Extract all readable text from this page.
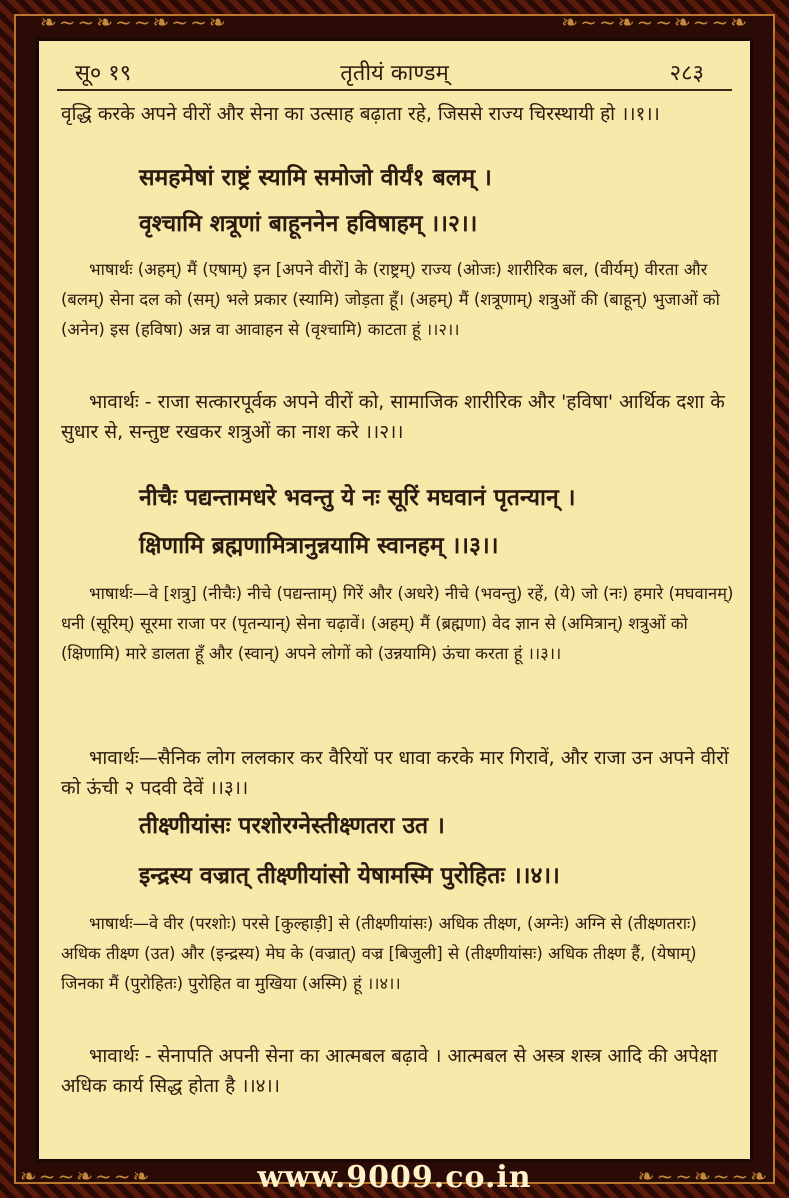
❧~~❧~~❧~~❧	❧~~❧~~❧~~❧
❧~~❧~~❧	❧~~❧~~❧
सू० १९	तृतीयं काण्डम्	२८३
वृद्धि करके अपने वीरों और सेना का उत्साह बढ़ाता रहे, जिससे राज्य चिरस्थायी हो ।।१।।
समहमेषां राष्ट्रं स्यामि समोजो वीर्यं१ बलम् ।
वृश्चामि शत्रूणां बाहूननेन हविषाहम् ।।२।।
भाषार्थः (अहम्) मैं (एषाम्) इन [अपने वीरों] के (राष्ट्रम्) राज्य (ओजः) शारीरिक बल, (वीर्यम्) वीरता और (बलम्) सेना दल को (सम्) भले प्रकार (स्यामि) जोड़ता हूँ। (अहम्) मैं (शत्रूणाम्) शत्रुओं की (बाहून्) भुजाओं को (अनेन) इस (हविषा) अन्न वा आवाहन से (वृश्चामि) काटता हूं ।।२।।
भावार्थः - राजा सत्कारपूर्वक अपने वीरों को, सामाजिक शारीरिक और 'हविषा' आर्थिक दशा के सुधार से, सन्तुष्ट रखकर शत्रुओं का नाश करे ।।२।।
नीचैः पद्यन्तामधरे भवन्तु ये नः सूरिं मघवानं पृतन्यान् ।
क्षिणामि ब्रह्मणामित्रानुन्नयामि स्वानहम् ।।३।।
भाषार्थः—वे [शत्रु] (नीचैः) नीचे (पद्यन्ताम्) गिरें और (अधरे) नीचे (भवन्तु) रहें, (ये) जो (नः) हमारे (मघवानम्) धनी (सूरिम्) सूरमा राजा पर (पृतन्यान्) सेना चढ़ावें। (अहम्) मैं (ब्रह्मणा) वेद ज्ञान से (अमित्रान्) शत्रुओं को (क्षिणामि) मारे डालता हूँ और (स्वान्) अपने लोगों को (उन्नयामि) ऊंचा करता हूं ।।३।।
भावार्थः—सैनिक लोग ललकार कर वैरियों पर धावा करके मार गिरावें, और राजा उन अपने वीरों को ऊंची २ पदवी देवें ।।३।।
तीक्ष्णीयांसः परशोरग्नेस्तीक्ष्णतरा उत ।
इन्द्रस्य वज्रात् तीक्ष्णीयांसो येषामस्मि पुरोहितः ।।४।।
भाषार्थः—वे वीर (परशोः) परसे [कुल्हाड़ी] से (तीक्ष्णीयांसः) अधिक तीक्ष्ण, (अग्नेः) अग्नि से (तीक्ष्णतराः) अधिक तीक्ष्ण (उत) और (इन्द्रस्य) मेघ के (वज्रात्) वज्र [बिजुली] से (तीक्ष्णीयांसः) अधिक तीक्ष्ण हैं, (येषाम्) जिनका मैं (पुरोहितः) पुरोहित वा मुखिया (अस्मि) हूं ।।४।।
भावार्थः - सेनापति अपनी सेना का आत्मबल बढ़ावे । आत्मबल से अस्त्र शस्त्र आदि की अपेक्षा अधिक कार्य सिद्ध होता है ।।४।।
www.9009.co.in
